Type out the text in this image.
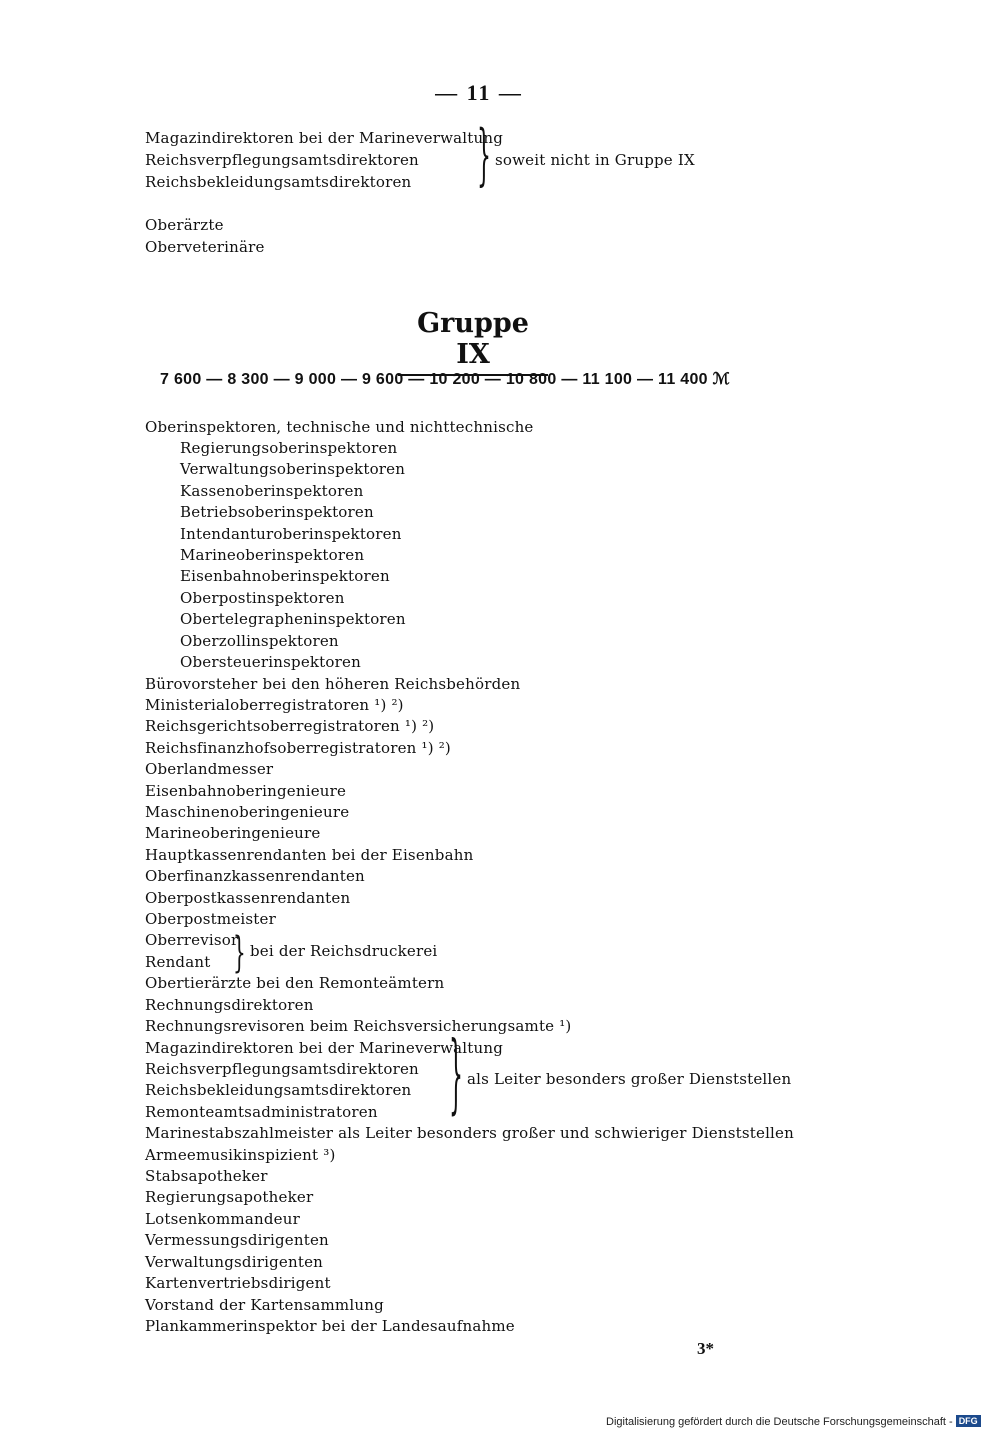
— 11 —
Magazindirektoren bei der Marineverwaltung
Reichsverpflegungsamtsdirektoren
Reichsbekleidungsamtsdirektoren	} soweit nicht in Gruppe IX
Oberärzte
Oberveterinäre
Gruppe IX
7 600 — 8 300 — 9 000 — 9 600 — 10 200 — 10 800 — 11 100 — 11 400 ℳ
Oberinspektoren, technische und nichttechnische
Regierungsoberinspektoren
Verwaltungsoberinspektoren
Kassenoberinspektoren
Betriebsoberinspektoren
Intendanturoberinspektoren
Marineoberinspektoren
Eisenbahnoberinspektoren
Oberpostinspektoren
Obertelegrapheninspektoren
Oberzollinspektoren
Obersteuerinspektoren
Bürovorsteher bei den höheren Reichsbehörden
Ministerialoberregistratoren ¹) ²)
Reichsgerichtsoberregistratoren ¹) ²)
Reichsfinanzhofsoberregistratoren ¹) ²)
Oberlandmesser
Eisenbahnoberingenieure
Maschinenoberingenieure
Marineoberingenieure
Hauptkassenrendanten bei der Eisenbahn
Oberfinanzkassenrendanten
Oberpostkassenrendanten
Oberpostmeister
Oberrevisor
Rendant } bei der Reichsdruckerei
Obertierärzte bei den Remonteämtern
Rechnungsdirektoren
Rechnungsrevisoren beim Reichsversicherungsamte ¹)
Magazindirektoren bei der Marineverwaltung
Reichsverpflegungsamtsdirektoren
Reichsbekleidungsamtsdirektoren
Remonteamtsadministratoren	} als Leiter besonders großer Dienststellen
Marinestabszahlmeister als Leiter besonders großer und schwieriger Dienststellen
Armeemusikinspizient ³)
Stabsapotheker
Regierungsapotheker
Lotsenkommandeur
Vermessungsdirigenten
Verwaltungsdirigenten
Kartenvertriebsdirigent
Vorstand der Kartensammlung
Plankammerinspektor bei der Landesaufnahme
3*
Digitalisierung gefördert durch die Deutsche Forschungsgemeinschaft - DFG
